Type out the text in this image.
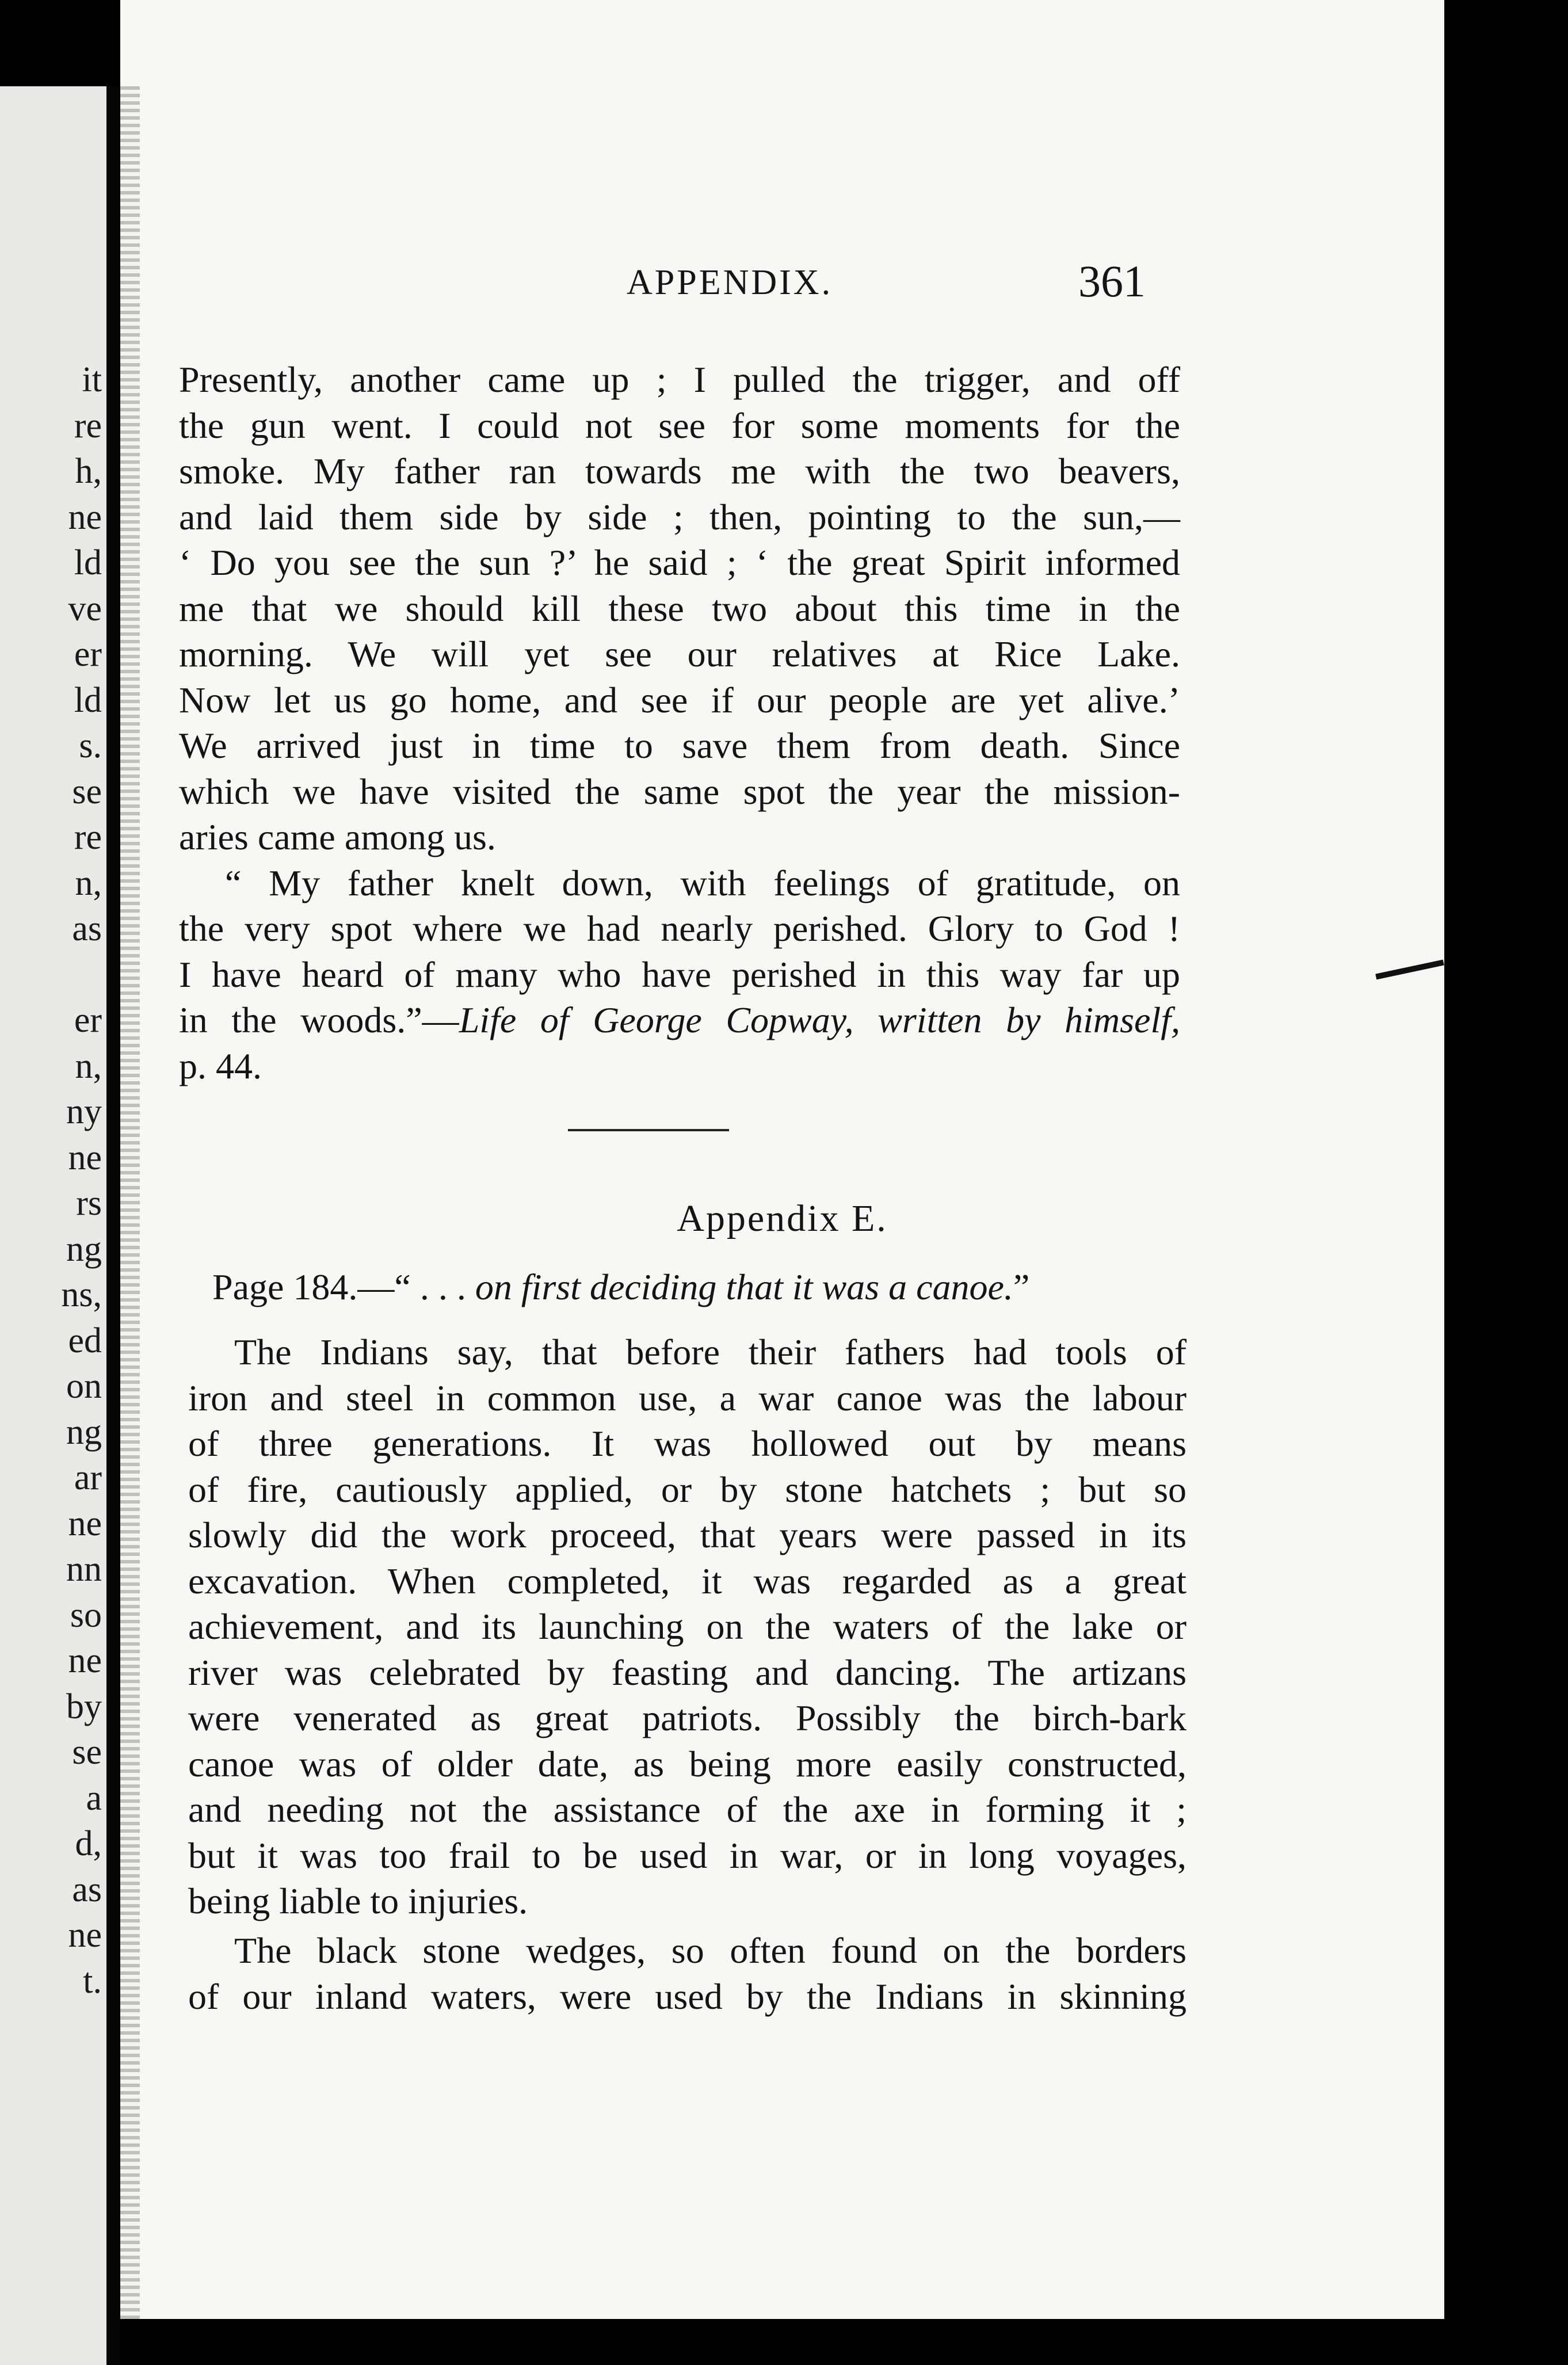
it
re
h,
ne
ld
ve
er
ld
s.
se
re
n,
as
er
n,
ny
ne
rs
ng
ns,
ed
on
ng
ar
ne
nn
so
ne
by
se
a
d,
as
ne
t.
APPENDIX.	361

Presently, another came up ; I pulled the trigger, and off
the gun went. I could not see for some moments for the
smoke. My father ran towards me with the two beavers,
and laid them side by side ; then, pointing to the sun,—
‘ Do you see the sun ?’ he said ; ‘ the great Spirit informed
me that we should kill these two about this time in the
morning. We will yet see our relatives at Rice Lake.
Now let us go home, and see if our people are yet alive.’
We arrived just in time to save them from death. Since
which we have visited the same spot the year the mission-
aries came among us.

“ My father knelt down, with feelings of gratitude, on
the very spot where we had nearly perished. Glory to God !
I have heard of many who have perished in this way far up
in the woods.”—Life of George Copway, written by himself,
p. 44.

Appendix E.
Page 184.—“ . . . on first deciding that it was a canoe.”

The Indians say, that before their fathers had tools of
iron and steel in common use, a war canoe was the labour
of three generations. It was hollowed out by means
of fire, cautiously applied, or by stone hatchets ; but so
slowly did the work proceed, that years were passed in its
excavation. When completed, it was regarded as a great
achievement, and its launching on the waters of the lake or
river was celebrated by feasting and dancing. The artizans
were venerated as great patriots. Possibly the birch-bark
canoe was of older date, as being more easily constructed,
and needing not the assistance of the axe in forming it ;
but it was too frail to be used in war, or in long voyages,
being liable to injuries.

The black stone wedges, so often found on the borders
of our inland waters, were used by the Indians in skinning
